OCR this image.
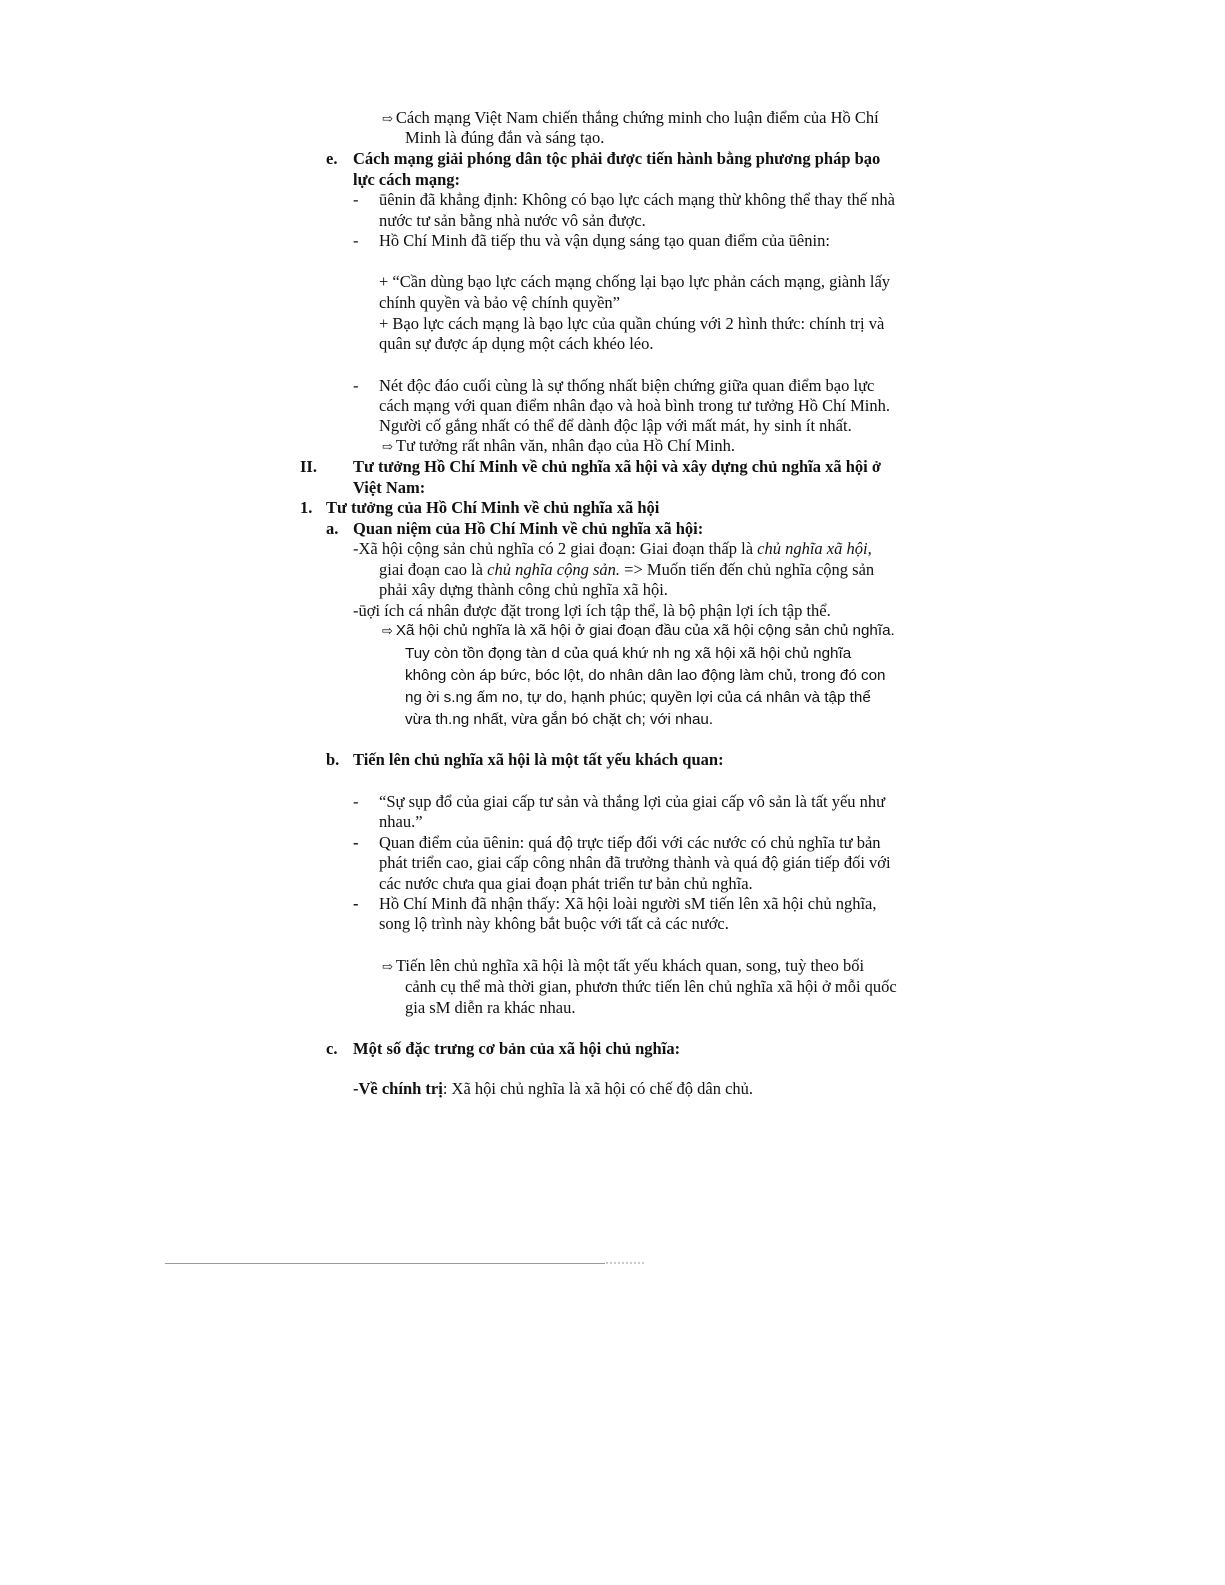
⇨ Cách mạng Việt Nam chiến thắng chứng minh cho luận điểm của Hồ Chí
Minh là đúng đắn và sáng tạo.
e. Cách mạng giải phóng dân tộc phải được tiến hành bằng phương pháp bạo
lực cách mạng:
- ūênin đã khẳng định: Không có bạo lực cách mạng thừ không thể thay thế nhà
nước tư sản bằng nhà nước vô sản được.
- Hồ Chí Minh đã tiếp thu và vận dụng sáng tạo quan điểm của ūênin:
+ “Cần dùng bạo lực cách mạng chống lại bạo lực phản cách mạng, giành lấy
chính quyền và bảo vệ chính quyền”
+ Bạo lực cách mạng là bạo lực của quần chúng với 2 hình thức: chính trị và
quân sự được áp dụng một cách khéo léo.
- Nét độc đáo cuối cùng là sự thống nhất biện chứng giữa quan điểm bạo lực
cách mạng với quan điểm nhân đạo và hoà bình trong tư tưởng Hồ Chí Minh.
Người cố gắng nhất có thể để dành độc lập với mất mát, hy sinh ít nhất.
⇨ Tư tưởng rất nhân văn, nhân đạo của Hồ Chí Minh.
II. Tư tưởng Hồ Chí Minh về chủ nghĩa xã hội và xây dựng chủ nghĩa xã hội ở
Việt Nam:
1. Tư tưởng của Hồ Chí Minh về chủ nghĩa xã hội
a. Quan niệm của Hồ Chí Minh về chủ nghĩa xã hội:
-Xã hội cộng sản chủ nghĩa có 2 giai đoạn: Giai đoạn thấp là chủ nghĩa xã hội,
giai đoạn cao là chủ nghĩa cộng sản. => Muốn tiến đến chủ nghĩa cộng sản
phải xây dựng thành công chủ nghĩa xã hội.
-ūợi ích cá nhân được đặt trong lợi ích tập thể, là bộ phận lợi ích tập thể.
⇨ Xã hội chủ nghĩa là xã hội ở giai đoạn đầu của xã hội cộng sản chủ nghĩa.
Tuy còn tồn đọng tàn d của quá khứ nh ng xã hội xã hội chủ nghĩa
không còn áp bức, bóc lột, do nhân dân lao động làm chủ, trong đó con
ng ời s.ng ấm no, tự do, hạnh phúc; quyền lợi của cá nhân và tập thể
vừa th.ng nhất, vừa gắn bó chặt ch; với nhau.
b. Tiến lên chủ nghĩa xã hội là một tất yếu khách quan:
- “Sự sụp đổ của giai cấp tư sản và thắng lợi của giai cấp vô sản là tất yếu như
nhau.”
- Quan điểm của ūênin: quá độ trực tiếp đối với các nước có chủ nghĩa tư bản
phát triển cao, giai cấp công nhân đã trưởng thành và quá độ gián tiếp đối với
các nước chưa qua giai đoạn phát triển tư bản chủ nghĩa.
- Hồ Chí Minh đã nhận thấy: Xã hội loài người sM tiến lên xã hội chủ nghĩa,
song lộ trình này không bắt buộc với tất cả các nước.
⇨ Tiến lên chủ nghĩa xã hội là một tất yếu khách quan, song, tuỳ theo bối
cảnh cụ thể mà thời gian, phươn thức tiến lên chủ nghĩa xã hội ở mỗi quốc
gia sM diễn ra khác nhau.
c. Một số đặc trưng cơ bản của xã hội chủ nghĩa:
-Về chính trị: Xã hội chủ nghĩa là xã hội có chế độ dân chủ.
